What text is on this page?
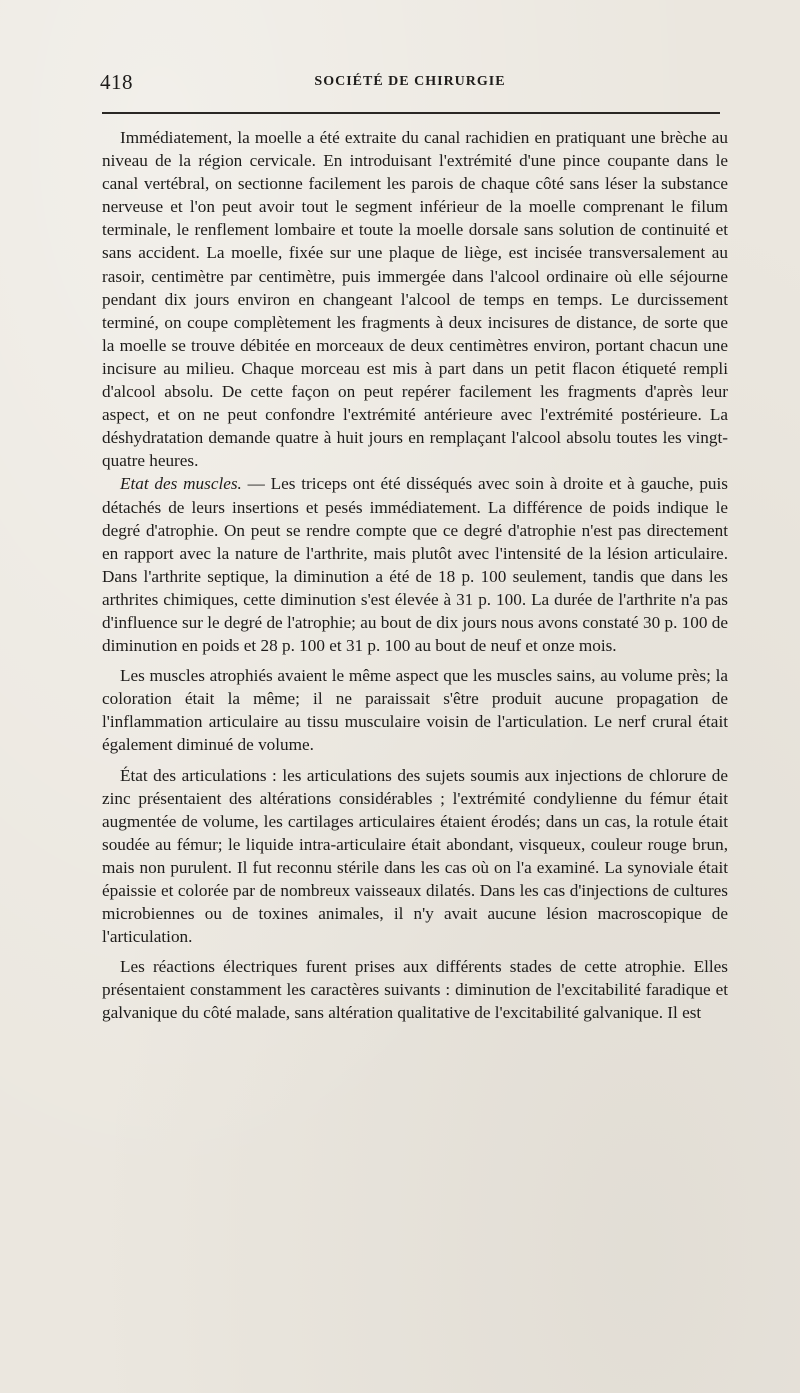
418	SOCIÉTÉ DE CHIRURGIE

Immédiatement, la moelle a été extraite du canal rachidien en pratiquant une brèche au niveau de la région cervicale. En introduisant l'extrémité d'une pince coupante dans le canal vertébral, on sectionne facilement les parois de chaque côté sans léser la substance nerveuse et l'on peut avoir tout le segment inférieur de la moelle comprenant le filum terminale, le renflement lombaire et toute la moelle dorsale sans solution de continuité et sans accident. La moelle, fixée sur une plaque de liège, est incisée transversalement au rasoir, centimètre par centimètre, puis immergée dans l'alcool ordinaire où elle séjourne pendant dix jours environ en changeant l'alcool de temps en temps. Le durcissement terminé, on coupe complètement les fragments à deux incisures de distance, de sorte que la moelle se trouve débitée en morceaux de deux centimètres environ, portant chacun une incisure au milieu. Chaque morceau est mis à part dans un petit flacon étiqueté rempli d'alcool absolu. De cette façon on peut repérer facilement les fragments d'après leur aspect, et on ne peut confondre l'extrémité antérieure avec l'extrémité postérieure. La déshydratation demande quatre à huit jours en remplaçant l'alcool absolu toutes les vingt-quatre heures.

Etat des muscles. — Les triceps ont été disséqués avec soin à droite et à gauche, puis détachés de leurs insertions et pesés immédiatement. La différence de poids indique le degré d'atrophie. On peut se rendre compte que ce degré d'atrophie n'est pas directement en rapport avec la nature de l'arthrite, mais plutôt avec l'intensité de la lésion articulaire. Dans l'arthrite septique, la diminution a été de 18 p. 100 seulement, tandis que dans les arthrites chimiques, cette diminution s'est élevée à 31 p. 100. La durée de l'arthrite n'a pas d'influence sur le degré de l'atrophie; au bout de dix jours nous avons constaté 30 p. 100 de diminution en poids et 28 p. 100 et 31 p. 100 au bout de neuf et onze mois.

Les muscles atrophiés avaient le même aspect que les muscles sains, au volume près; la coloration était la même; il ne paraissait s'être produit aucune propagation de l'inflammation articulaire au tissu musculaire voisin de l'articulation. Le nerf crural était également diminué de volume.

État des articulations : les articulations des sujets soumis aux injections de chlorure de zinc présentaient des altérations considérables ; l'extrémité condylienne du fémur était augmentée de volume, les cartilages articulaires étaient érodés; dans un cas, la rotule était soudée au fémur; le liquide intra-articulaire était abondant, visqueux, couleur rouge brun, mais non purulent. Il fut reconnu stérile dans les cas où on l'a examiné. La synoviale était épaissie et colorée par de nombreux vaisseaux dilatés. Dans les cas d'injections de cultures microbiennes ou de toxines animales, il n'y avait aucune lésion macroscopique de l'articulation.

Les réactions électriques furent prises aux différents stades de cette atrophie. Elles présentaient constamment les caractères suivants : diminution de l'excitabilité faradique et galvanique du côté malade, sans altération qualitative de l'excitabilité galvanique. Il est
